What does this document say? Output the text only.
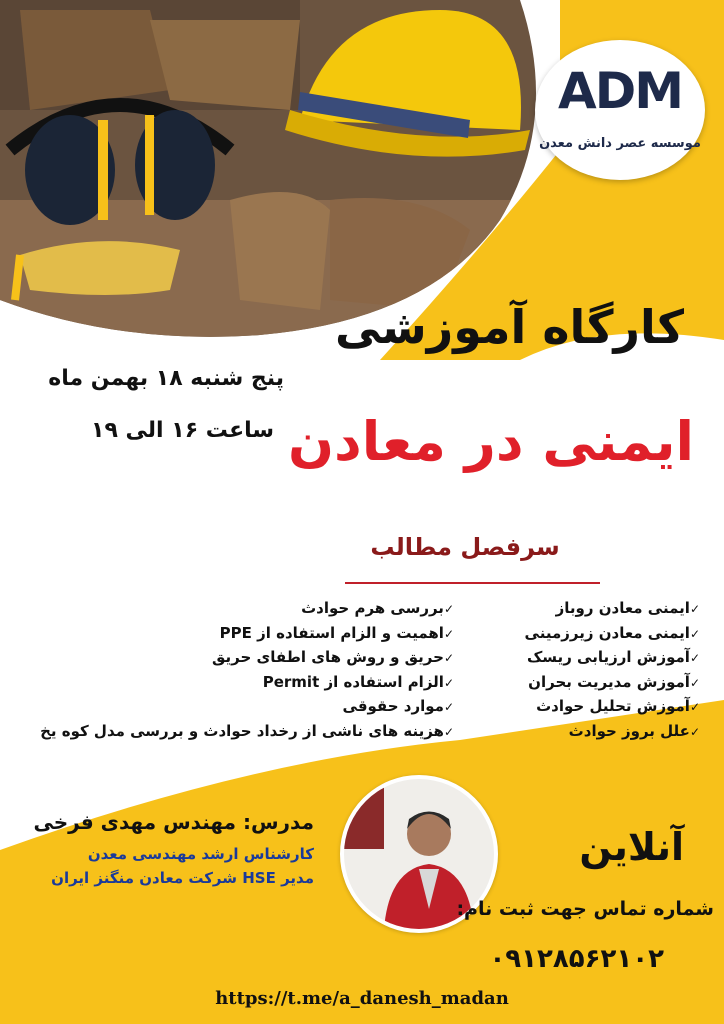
ADM
موسسه عصر دانش معدن
کارگاه آموزشی
ایمنی در معادن
پنج شنبه ۱۸ بهمن ماه
ساعت ۱۶ الی ۱۹
سرفصل مطالب
✓ ایمنی معادن روباز
✓ ایمنی معادن زیرزمینی
✓ آموزش ارزیابی ریسک
✓ آموزش مدیریت بحران
✓ آموزش تحلیل حوادث
✓ علل بروز حوادث
✓ بررسی هرم حوادث
✓ اهمیت و الزام استفاده از PPE
✓ حریق و روش های اطفای حریق
✓ الزام استفاده از Permit
✓ موارد حقوقی
✓ هزینه های ناشی از رخداد حوادث و بررسی مدل کوه یخ
مدرس: مهندس مهدی فرخی
کارشناس ارشد مهندسی معدن
مدیر HSE شرکت معادن منگنز ایران
آنلاین
شماره تماس جهت ثبت نام:
۰۹۱۲۸۵۶۲۱۰۲
https://t.me/a_danesh_madan
